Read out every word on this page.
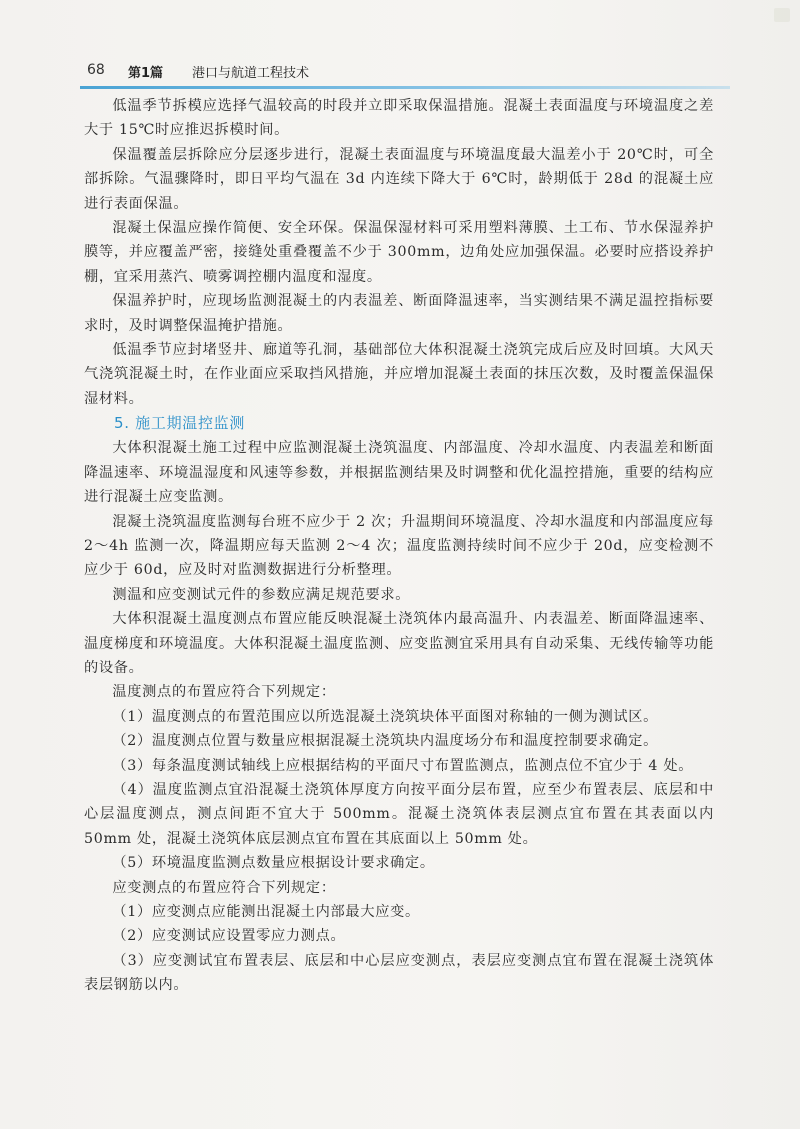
68 第1篇 港口与航道工程技术

低温季节拆模应选择气温较高的时段并立即采取保温措施。混凝土表面温度与环境温度之差大于 15℃时应推迟拆模时间。

保温覆盖层拆除应分层逐步进行，混凝土表面温度与环境温度最大温差小于 20℃时，可全部拆除。气温骤降时，即日平均气温在 3d 内连续下降大于 6℃时，龄期低于 28d 的混凝土应进行表面保温。

混凝土保温应操作简便、安全环保。保温保湿材料可采用塑料薄膜、土工布、节水保湿养护膜等，并应覆盖严密，接缝处重叠覆盖不少于 300mm，边角处应加强保温。必要时应搭设养护棚，宜采用蒸汽、喷雾调控棚内温度和湿度。

保温养护时，应现场监测混凝土的内表温差、断面降温速率，当实测结果不满足温控指标要求时，及时调整保温掩护措施。

低温季节应封堵竖井、廊道等孔洞，基础部位大体积混凝土浇筑完成后应及时回填。大风天气浇筑混凝土时，在作业面应采取挡风措施，并应增加混凝土表面的抹压次数，及时覆盖保温保湿材料。

5. 施工期温控监测

大体积混凝土施工过程中应监测混凝土浇筑温度、内部温度、冷却水温度、内表温差和断面降温速率、环境温湿度和风速等参数，并根据监测结果及时调整和优化温控措施，重要的结构应进行混凝土应变监测。

混凝土浇筑温度监测每台班不应少于 2 次；升温期间环境温度、冷却水温度和内部温度应每 2～4h 监测一次，降温期应每天监测 2～4 次；温度监测持续时间不应少于 20d，应变检测不应少于 60d，应及时对监测数据进行分析整理。

测温和应变测试元件的参数应满足规范要求。

大体积混凝土温度测点布置应能反映混凝土浇筑体内最高温升、内表温差、断面降温速率、温度梯度和环境温度。大体积混凝土温度监测、应变监测宜采用具有自动采集、无线传输等功能的设备。

温度测点的布置应符合下列规定：

（1）温度测点的布置范围应以所选混凝土浇筑块体平面图对称轴的一侧为测试区。

（2）温度测点位置与数量应根据混凝土浇筑块内温度场分布和温度控制要求确定。

（3）每条温度测试轴线上应根据结构的平面尺寸布置监测点，监测点位不宜少于 4 处。

（4）温度监测点宜沿混凝土浇筑体厚度方向按平面分层布置，应至少布置表层、底层和中心层温度测点，测点间距不宜大于 500mm。混凝土浇筑体表层测点宜布置在其表面以内 50mm 处，混凝土浇筑体底层测点宜布置在其底面以上 50mm 处。

（5）环境温度监测点数量应根据设计要求确定。

应变测点的布置应符合下列规定：

（1）应变测点应能测出混凝土内部最大应变。

（2）应变测试应设置零应力测点。

（3）应变测试宜布置表层、底层和中心层应变测点，表层应变测点宜布置在混凝土浇筑体表层钢筋以内。
